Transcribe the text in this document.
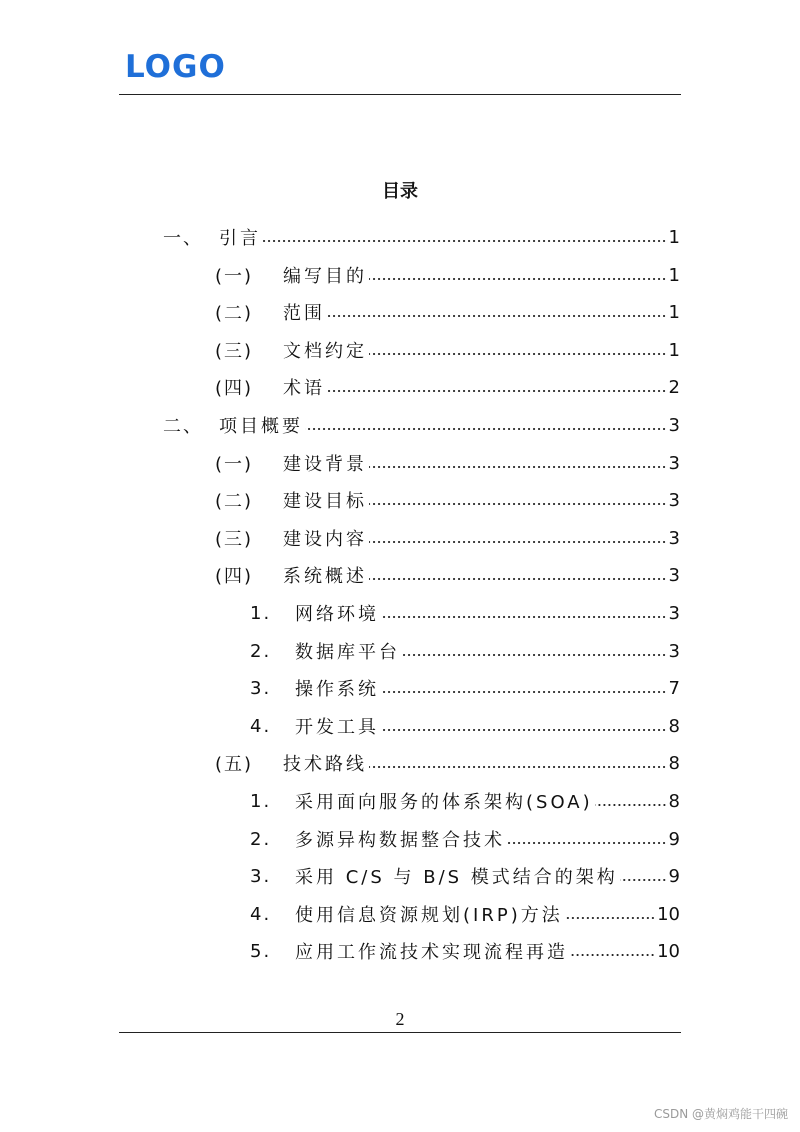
LOGO
目录
一、 引言	1
(一)	编写目的	1
(二)	范围	1
(三)	文档约定	1
(四)	术语	2
二、 项目概要	3
(一)	建设背景	3
(二)	建设目标	3
(三)	建设内容	3
(四)	系统概述	3
1.	网络环境	3
2.	数据库平台	3
3.	操作系统	7
4.	开发工具	8
(五)	技术路线	8
1.	采用面向服务的体系架构(SOA)	8
2.	多源异构数据整合技术	9
3.	采用 C/S 与 B/S 模式结合的架构	9
4.	使用信息资源规划(IRP)方法	10
5.	应用工作流技术实现流程再造	10
2
CSDN @黄焖鸡能干四碗
